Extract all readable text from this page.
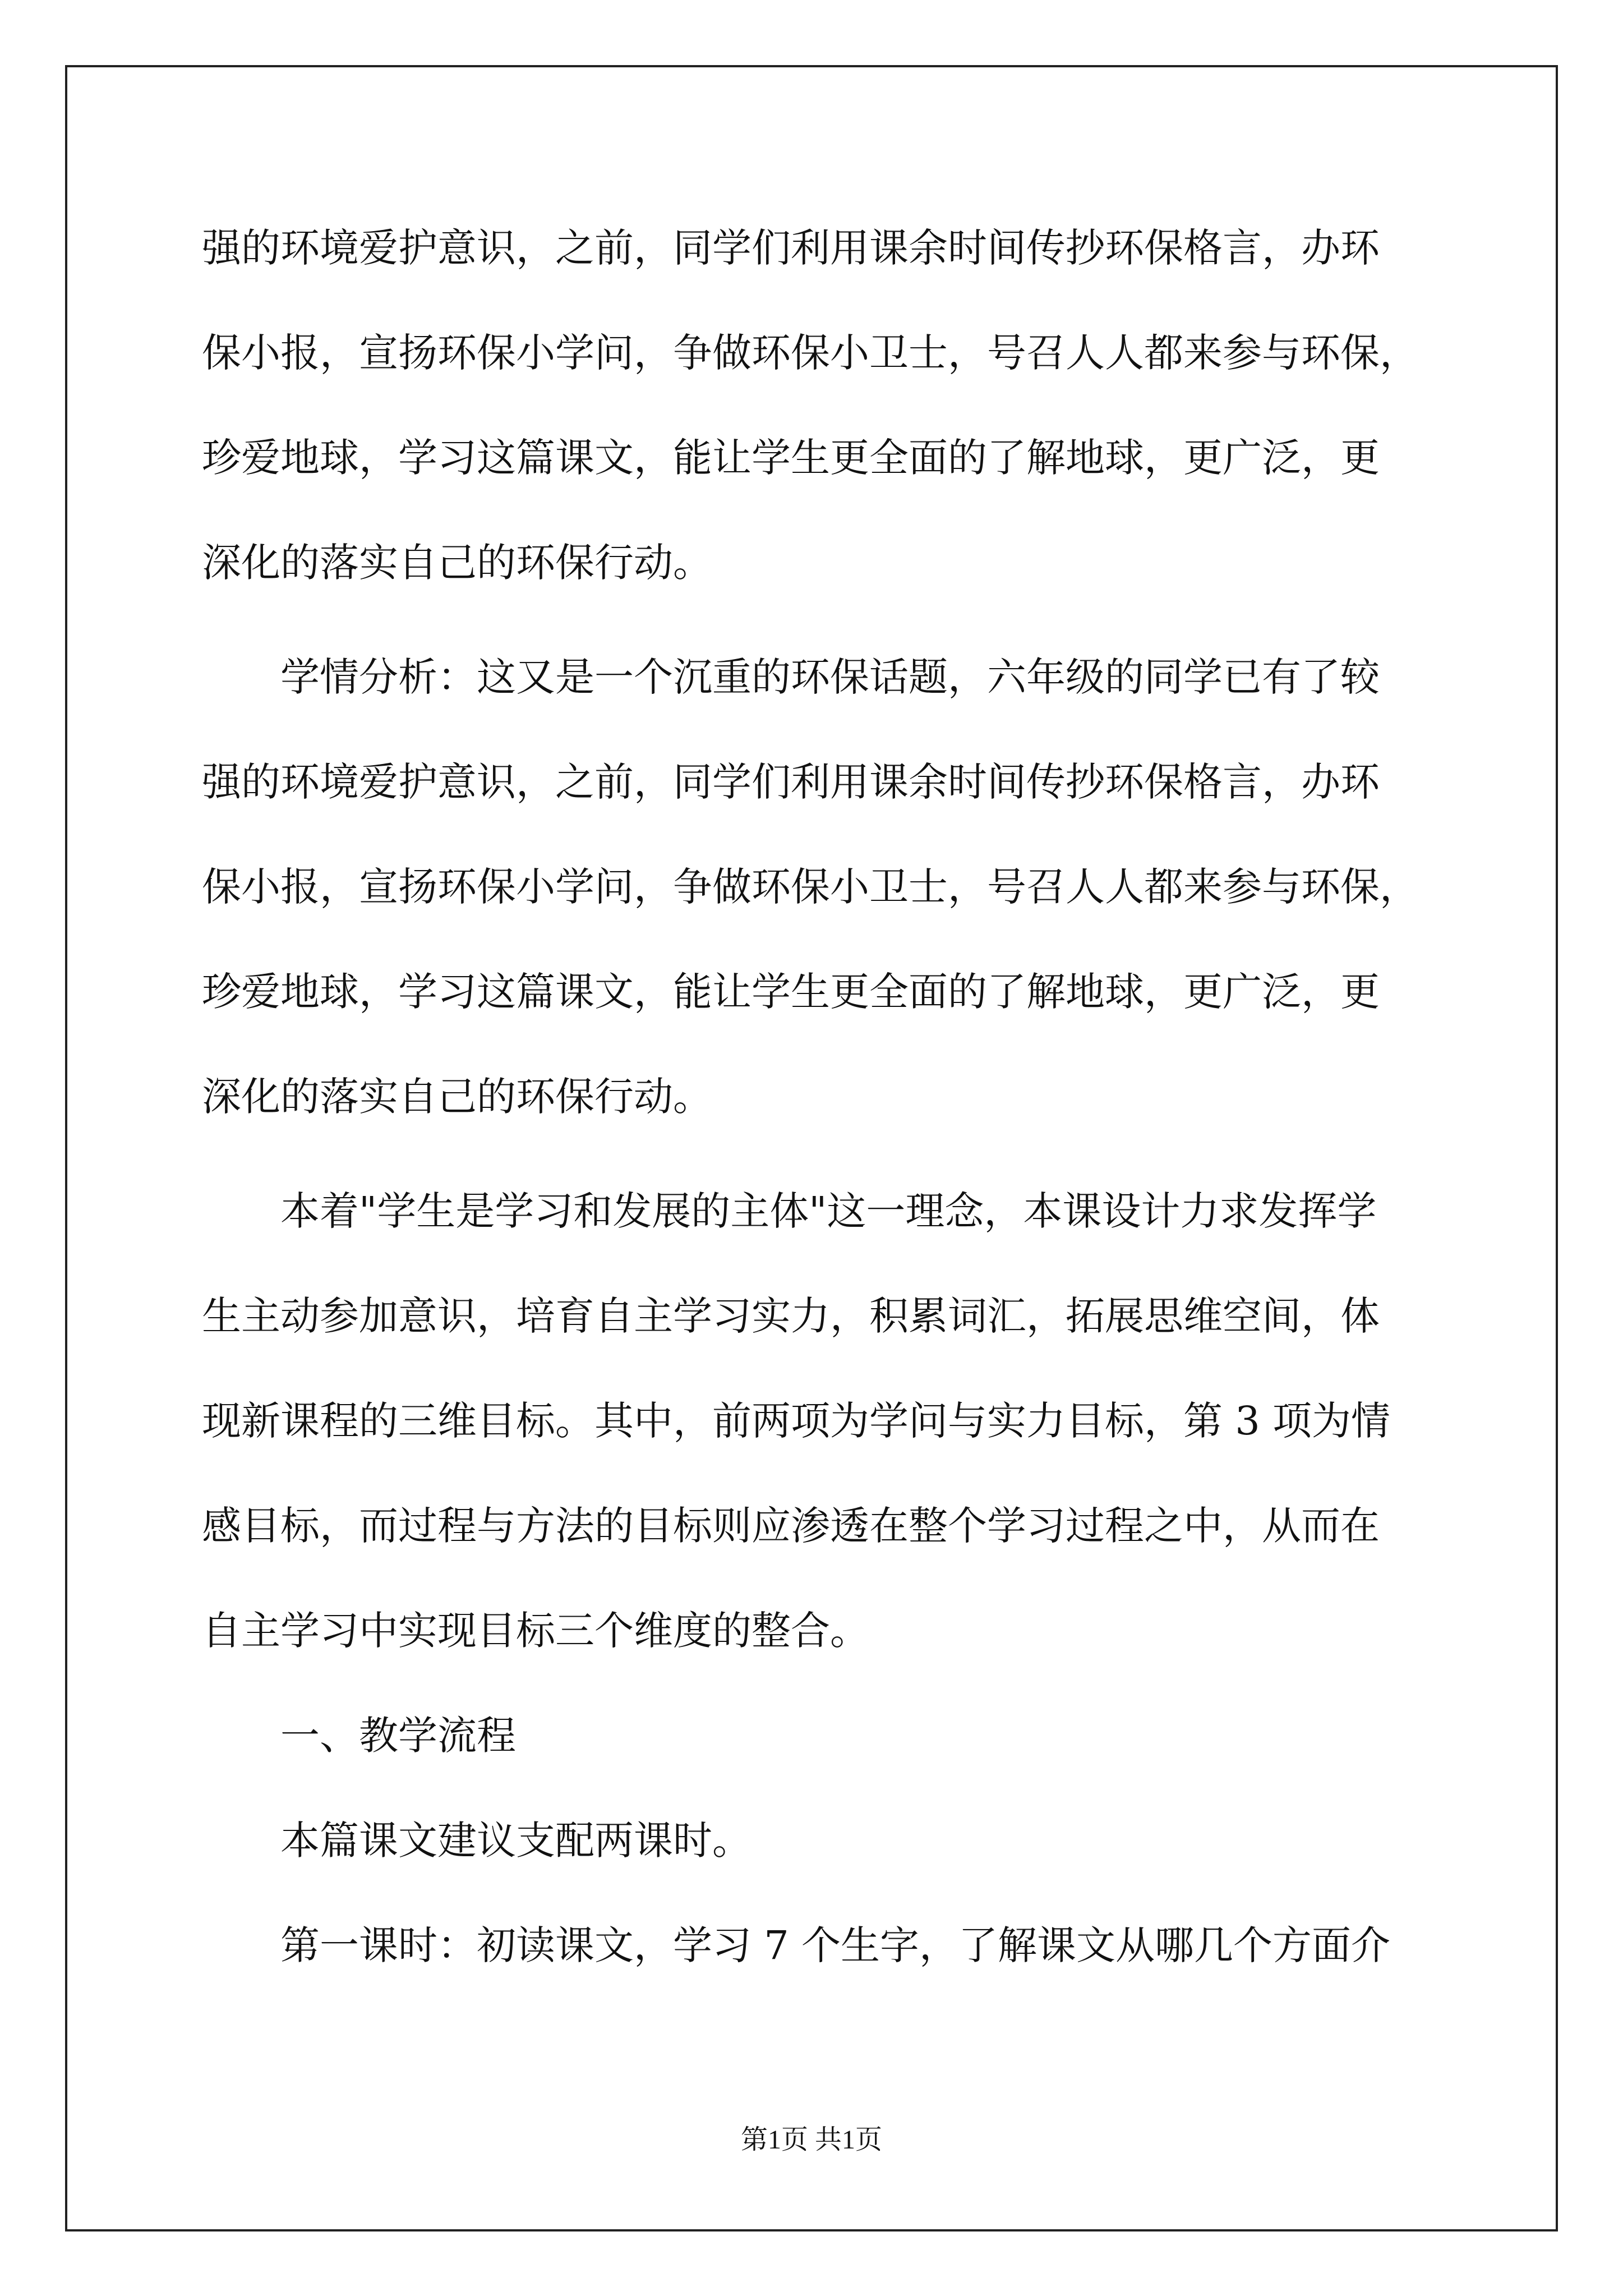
强的环境爱护意识，之前，同学们利用课余时间传抄环保格言，办环

保小报，宣扬环保小学问，争做环保小卫士，号召人人都来参与环保，

珍爱地球，学习这篇课文，能让学生更全面的了解地球，更广泛，更

深化的落实自己的环保行动。

学情分析：这又是一个沉重的环保话题，六年级的同学已有了较

强的环境爱护意识，之前，同学们利用课余时间传抄环保格言，办环

保小报，宣扬环保小学问，争做环保小卫士，号召人人都来参与环保，

珍爱地球，学习这篇课文，能让学生更全面的了解地球，更广泛，更

深化的落实自己的环保行动。

本着"学生是学习和发展的主体"这一理念，本课设计力求发挥学

生主动参加意识，培育自主学习实力，积累词汇，拓展思维空间，体

现新课程的三维目标。其中，前两项为学问与实力目标，第 3 项为情

感目标，而过程与方法的目标则应渗透在整个学习过程之中，从而在

自主学习中实现目标三个维度的整合。

一、教学流程

本篇课文建议支配两课时。

第一课时：初读课文，学习 7 个生字，了解课文从哪几个方面介

第1页 共1页
